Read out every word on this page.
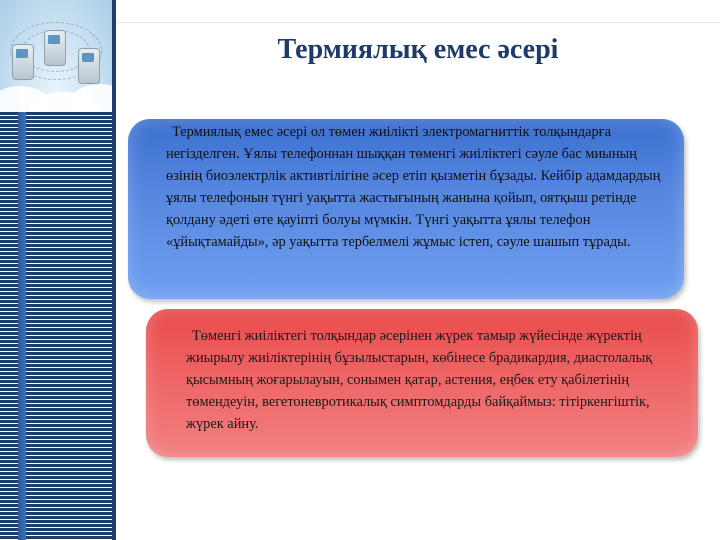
Термиялық емес әсері

Термиялық емес әсері ол төмен жиілікті электромагниттік толқындарға негізделген. Ұялы телефоннан шыққан төменгі жиіліктегі сәуле бас миының өзінің биоэлектрлік активтілігіне әсер етіп қызметін бұзады. Кейбір адамдардың ұялы телефонын түнгі уақытта жастығының жанына қойып, оятқыш ретінде қолдану әдеті өте қауіпті болуы мүмкін. Түнгі уақытта ұялы телефон «ұйықтамайды», әр уақытта тербелмелі жұмыс істеп, сәуле шашып тұрады.

Төменгі жиіліктегі толқындар әсерінен жүрек тамыр жүйесінде жүректің жиырылу жиіліктерінің бұзылыстарын, көбінесе брадикардия, диастолалық қысымның жоғарылауын, сонымен қатар, астения, еңбек ету қабілетінің төмендеуін, вегетоневротикалық симптомдарды байқаймыз: тітіркенгіштік, жүрек айну.
